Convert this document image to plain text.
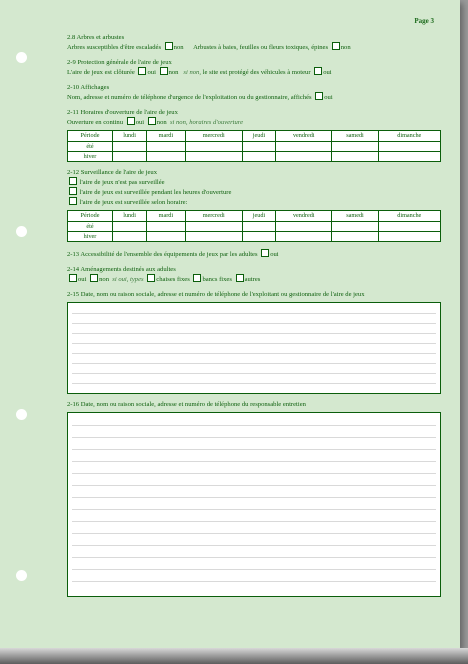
Page 3
2.8 Arbres et arbustes
Arbres susceptibles d'être escaladés non Arbustes à baies, feuilles ou fleurs toxiques, épines non
2-9 Protection générale de l'aire de jeux
L'aire de jeux est clôturée oui non si non, le site est protégé des véhicules à moteur oui
2-10 Affichages
Nom, adresse et numéro de téléphone d'urgence de l'exploitation ou du gestionnaire, affichés oui
2-11 Horaires d'ouverture de l'aire de jeux
Ouverture en continu oui non si non, horaires d'ouverture
Période	lundi	mardi	mercredi	jeudi	vendredi	samedi	dimanche
été							
hiver							
2-12 Surveillance de l'aire de jeux
l'aire de jeux n'est pas surveillée
l'aire de jeux est surveillée pendant les heures d'ouverture
l'aire de jeux est surveillée selon horaire:
Période	lundi	mardi	mercredi	jeudi	vendredi	samedi	dimanche
été							
hiver							
2-13 Accessibilité de l'ensemble des équipements de jeux par les adultes oui
2-14 Aménagements destinés aux adultes
oui non si oui, types chaises fixes bancs fixes autres
2-15 Date, nom ou raison sociale, adresse et numéro de téléphone de l'exploitant ou gestionnaire de l'aire de jeux
2-16 Date, nom ou raison sociale, adresse et numéro de téléphone du responsable entretien
